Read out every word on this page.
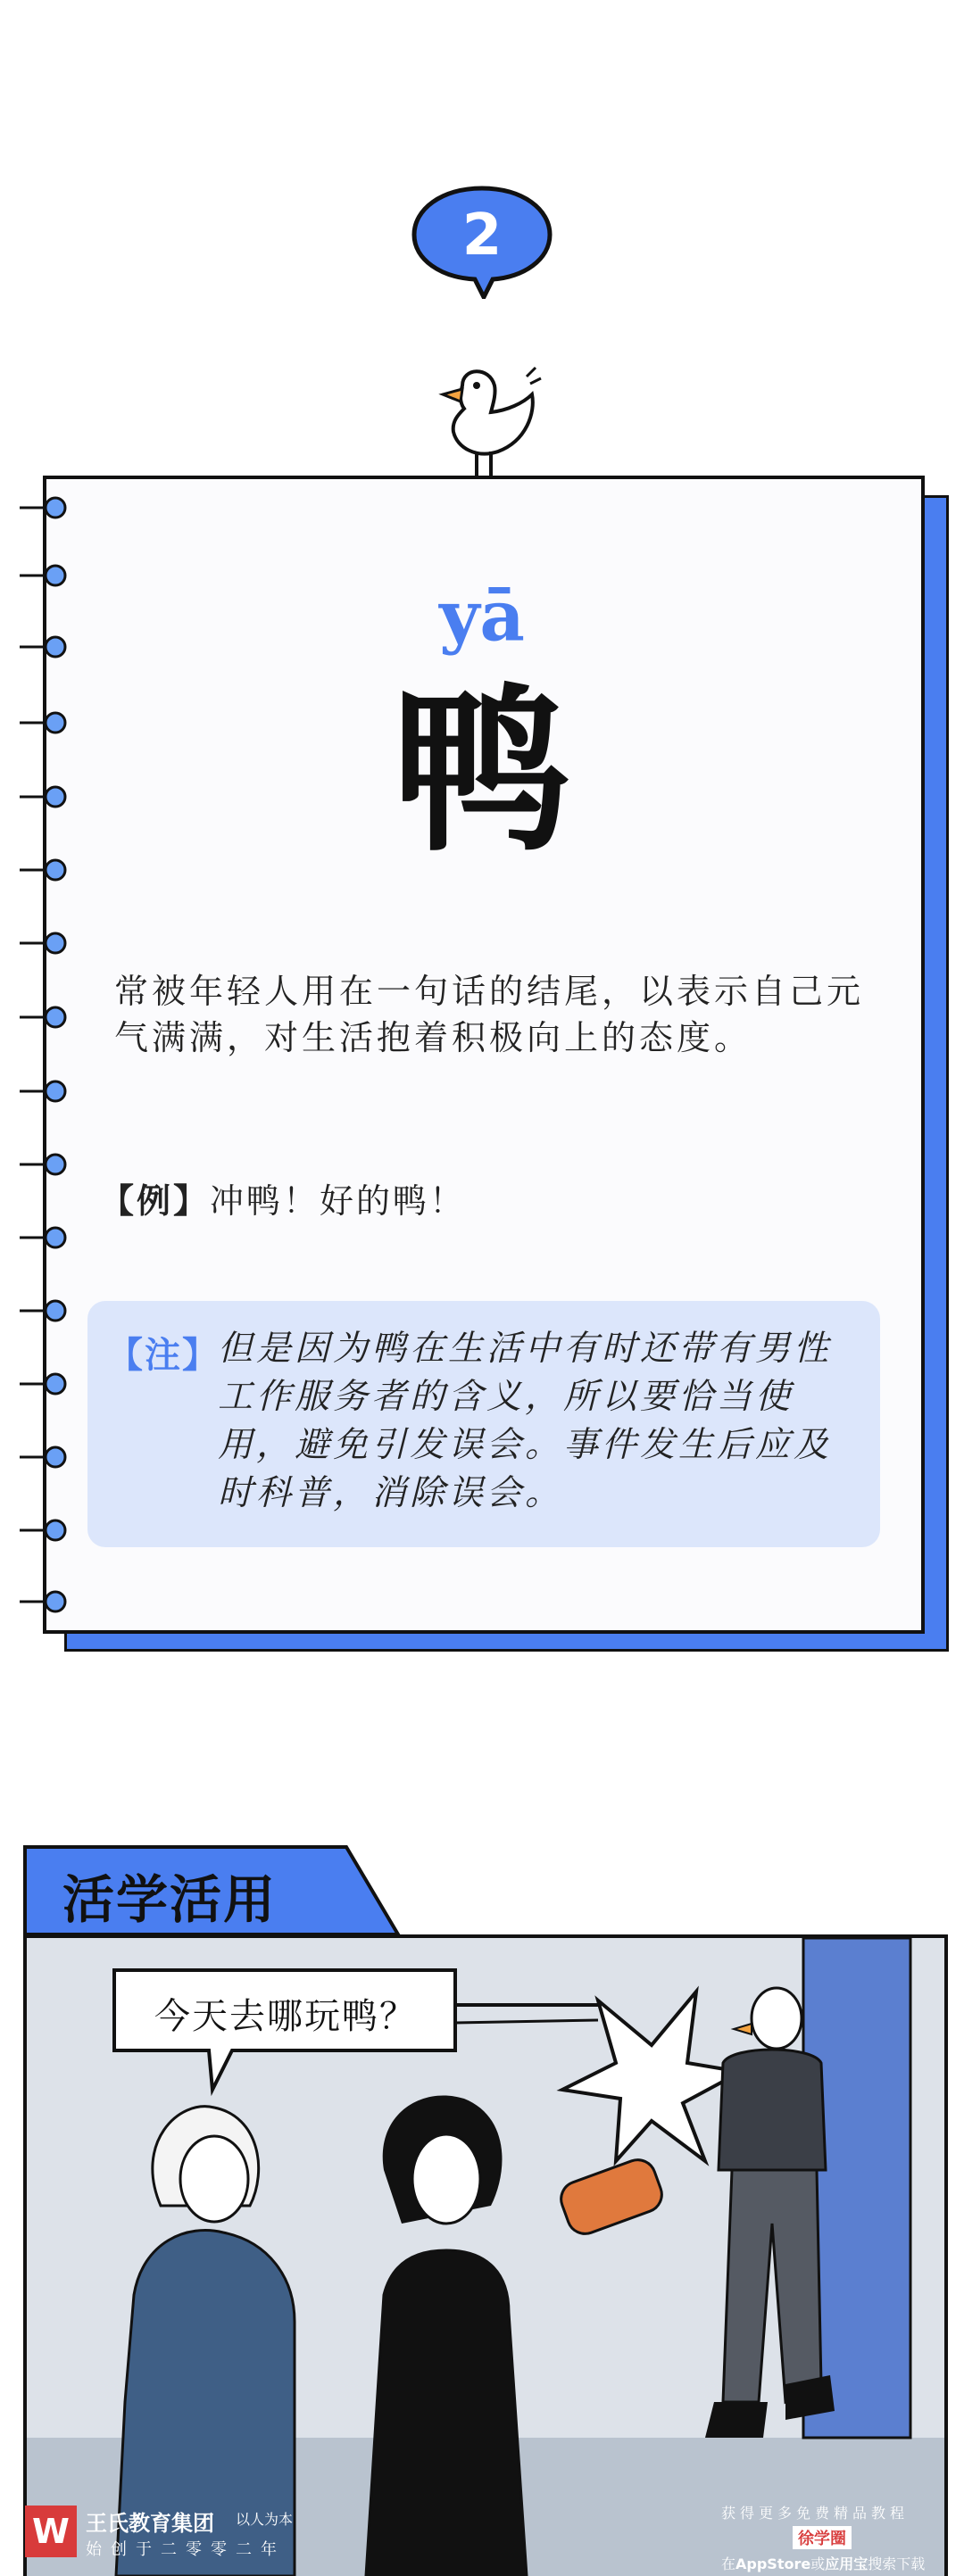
2
yā
鸭
常被年轻人用在一句话的结尾，以表示自己元气满满，对生活抱着积极向上的态度。
【例】冲鸭！好的鸭！
【注】
但是因为鸭在生活中有时还带有男性工作服务者的含义，所以要恰当使用，避免引发误会。事件发生后应及时科普，消除误会。
活学活用
今天去哪玩鸭？
W 王氏教育集团 以人为本
始创于二零零二年
获得更多免费精品教程
徐学圈
在AppStore或应用宝搜索下载
